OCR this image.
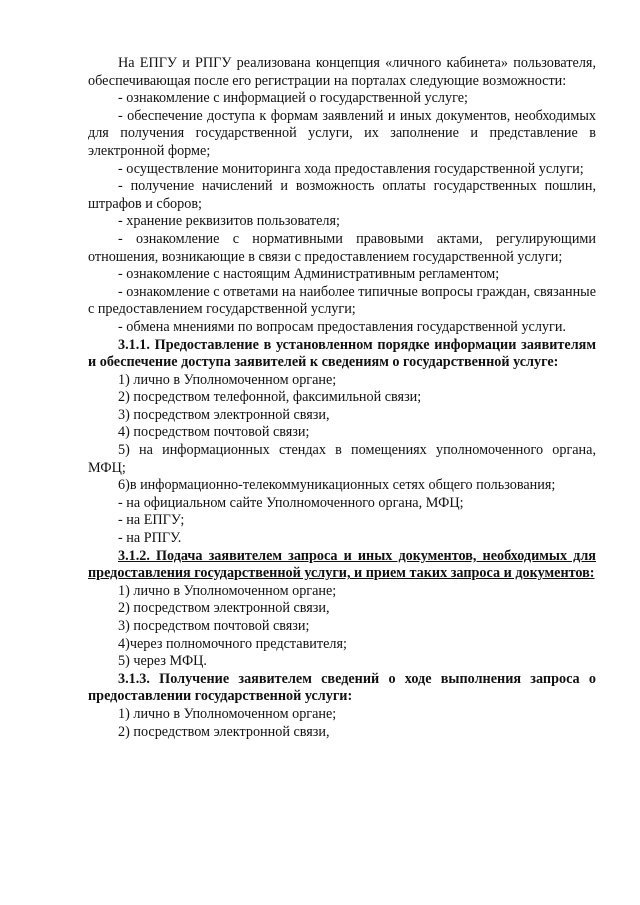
На ЕПГУ и РПГУ реализована концепция «личного кабинета» пользователя, обеспечивающая после его регистрации на порталах следующие возможности:

- ознакомление с информацией о государственной услуге;

- обеспечение доступа к формам заявлений и иных документов, необходимых для получения государственной услуги, их заполнение и представление в электронной форме;

- осуществление мониторинга хода предоставления государственной услуги;

- получение начислений и возможность оплаты государственных пошлин, штрафов и сборов;

- хранение реквизитов пользователя;

- ознакомление с нормативными правовыми актами, регулирующими отношения, возникающие в связи с предоставлением государственной услуги;

- ознакомление с настоящим Административным регламентом;

- ознакомление с ответами на наиболее типичные вопросы граждан, связанные с предоставлением государственной услуги;

- обмена мнениями по вопросам предоставления государственной услуги.

3.1.1. Предоставление в установленном порядке информации заявителям и обеспечение доступа заявителей к сведениям о государственной услуге:

1) лично в Уполномоченном органе;

2) посредством телефонной, факсимильной связи;

3) посредством электронной связи,

4) посредством почтовой связи;

5) на информационных стендах в помещениях уполномоченного органа, МФЦ;

6)в информационно-телекоммуникационных сетях общего пользования;

- на официальном сайте Уполномоченного органа, МФЦ;

- на ЕПГУ;

- на РПГУ.

3.1.2. Подача заявителем запроса и иных документов, необходимых для предоставления государственной услуги, и прием таких запроса и документов:

1) лично в Уполномоченном органе;

2) посредством электронной связи,

3) посредством почтовой связи;

4)через полномочного представителя;

5) через МФЦ.

3.1.3. Получение заявителем сведений о ходе выполнения запроса о предоставлении государственной услуги:

1) лично в Уполномоченном органе;

2) посредством электронной связи,
